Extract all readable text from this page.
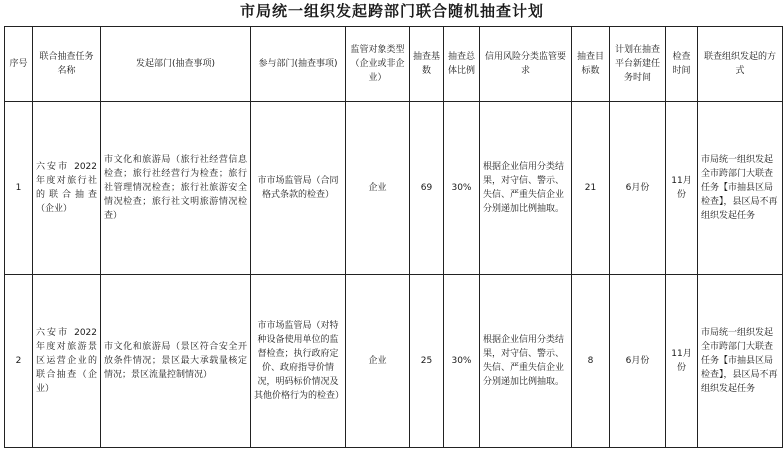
市局统一组织发起跨部门联合随机抽查计划
序号	联合抽查任务名称	发起部门(抽查事项)	参与部门(抽查事项)	监管对象类型（企业或非企业）	抽查基数	抽查总体比例	信用风险分类监管要求	抽查目标数	计划在抽查平台新建任务时间	检查时间	联查组织发起的方式
1	六安市 2022 年度对旅行社的联合抽查（企业）	市文化和旅游局（旅行社经营信息检查；旅行社经营行为检查；旅行社管理情况检查；旅行社旅游安全情况检查；旅行社文明旅游情况检查）	市市场监管局（合同格式条款的检查）	企业	69	30%	根据企业信用分类结果，对守信、警示、失信、严重失信企业分别递加比例抽取。	21	6月份	11月份	市局统一组织发起全市跨部门大联查任务【市抽县区局检查】，县区局不再组织发起任务
2	六安市 2022 年度对旅游景区运营企业的联合抽查（企业）	市文化和旅游局（景区符合安全开放条件情况；景区最大承载量核定情况；景区流量控制情况）	市市场监管局（对特种设备使用单位的监督检查；执行政府定价、政府指导价情况，明码标价情况及其他价格行为的检查）	企业	25	30%	根据企业信用分类结果，对守信、警示、失信、严重失信企业分别递加比例抽取。	8	6月份	11月份	市局统一组织发起全市跨部门大联查任务【市抽县区局检查】，县区局不再组织发起任务
